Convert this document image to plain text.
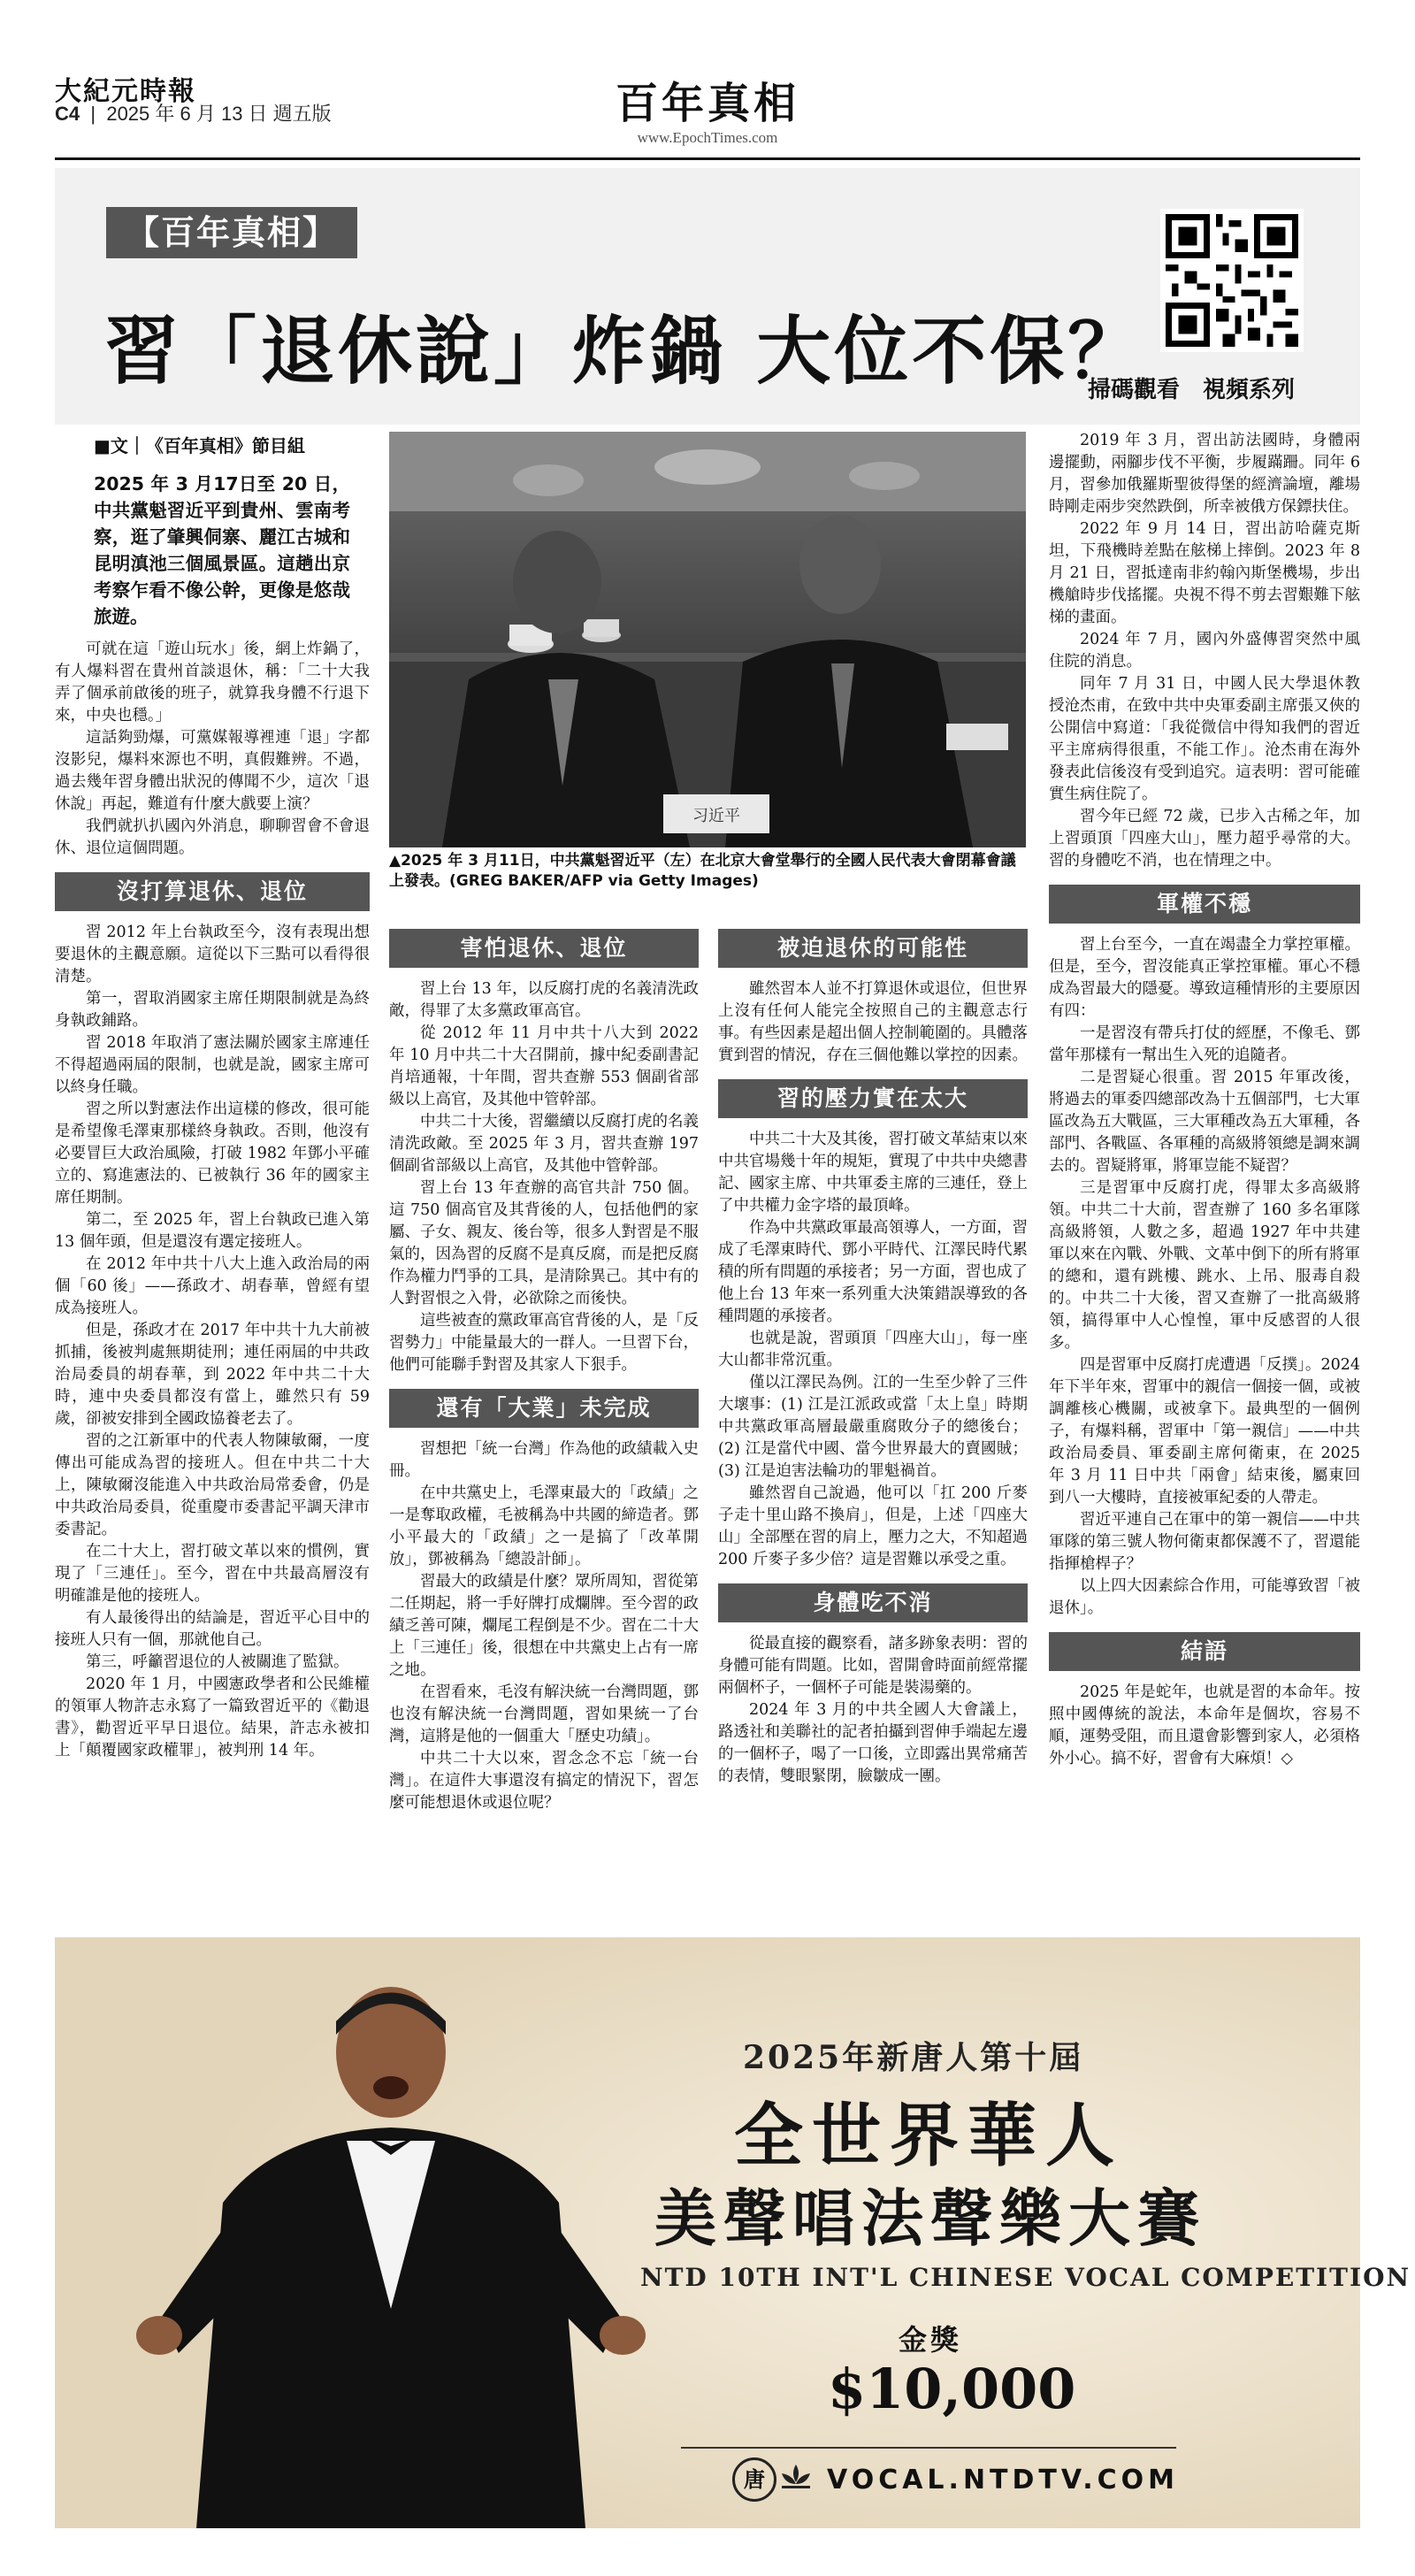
大紀元時報
C4  |  2025 年 6 月 13 日 週五版	百年真相
www.EpochTimes.com
【百年真相】
習「退休說」炸鍋 大位不保？
掃碼觀看　視頻系列
■文｜《百年真相》節目組
2025 年 3 月17日至 20 日，中共黨魁習近平到貴州、雲南考察，逛了肇興侗寨、麗江古城和昆明滇池三個風景區。這趟出京考察乍看不像公幹，更像是悠哉旅遊。
习近平
▲2025 年 3 月11日，中共黨魁習近平（左）在北京大會堂舉行的全國人民代表大會閉幕會議上發表。(GREG BAKER/AFP via Getty Images)

可就在這「遊山玩水」後，網上炸鍋了，有人爆料習在貴州首談退休，稱：「二十大我弄了個承前啟後的班子，就算我身體不行退下來，中央也穩。」

這話夠勁爆，可黨媒報導裡連「退」字都沒影兒，爆料來源也不明，真假難辨。不過，過去幾年習身體出狀況的傳聞不少，這次「退休說」再起，難道有什麼大戲要上演？

我們就扒扒國內外消息，聊聊習會不會退休、退位這個問題。

沒打算退休、退位

習 2012 年上台執政至今，沒有表現出想要退休的主觀意願。這從以下三點可以看得很清楚。

第一，習取消國家主席任期限制就是為終身執政鋪路。

習 2018 年取消了憲法關於國家主席連任不得超過兩屆的限制，也就是說，國家主席可以終身任職。

習之所以對憲法作出這樣的修改，很可能是希望像毛澤東那樣終身執政。否則，他沒有必要冒巨大政治風險，打破 1982 年鄧小平確立的、寫進憲法的、已被執行 36 年的國家主席任期制。

第二，至 2025 年，習上台執政已進入第 13 個年頭，但是還沒有選定接班人。

在 2012 年中共十八大上進入政治局的兩個「60 後」——孫政才、胡春華，曾經有望成為接班人。

但是，孫政才在 2017 年中共十九大前被抓捕，後被判處無期徒刑；連任兩屆的中共政治局委員的胡春華，到 2022 年中共二十大時，連中央委員都沒有當上，雖然只有 59 歲，卻被安排到全國政協養老去了。

習的之江新軍中的代表人物陳敏爾，一度傳出可能成為習的接班人。但在中共二十大上，陳敏爾沒能進入中共政治局常委會，仍是中共政治局委員，從重慶市委書記平調天津市委書記。

在二十大上，習打破文革以來的慣例，實現了「三連任」。至今，習在中共最高層沒有明確誰是他的接班人。

有人最後得出的結論是，習近平心目中的接班人只有一個，那就他自己。

第三，呼籲習退位的人被關進了監獄。

2020 年 1 月，中國憲政學者和公民維權的領軍人物許志永寫了一篇致習近平的《勸退書》，勸習近平早日退位。結果，許志永被扣上「顛覆國家政權罪」，被判刑 14 年。

害怕退休、退位

習上台 13 年，以反腐打虎的名義清洗政敵，得罪了太多黨政軍高官。

從 2012 年 11 月中共十八大到 2022 年 10 月中共二十大召開前，據中紀委副書記肖培通報，十年間，習共查辦 553 個副省部級以上高官，及其他中管幹部。

中共二十大後，習繼續以反腐打虎的名義清洗政敵。至 2025 年 3 月，習共查辦 197 個副省部級以上高官，及其他中管幹部。

習上台 13 年查辦的高官共計 750 個。這 750 個高官及其背後的人，包括他們的家屬、子女、親友、後台等，很多人對習是不服氣的，因為習的反腐不是真反腐，而是把反腐作為權力鬥爭的工具，是清除異己。其中有的人對習恨之入骨，必欲除之而後快。

這些被查的黨政軍高官背後的人，是「反習勢力」中能量最大的一群人。一旦習下台，他們可能聯手對習及其家人下狠手。

還有「大業」未完成

習想把「統一台灣」作為他的政績載入史冊。

在中共黨史上，毛澤東最大的「政績」之一是奪取政權，毛被稱為中共國的締造者。鄧小平最大的「政績」之一是搞了「改革開放」，鄧被稱為「總設計師」。

習最大的政績是什麼？眾所周知，習從第二任期起，將一手好牌打成爛牌。至今習的政績乏善可陳，爛尾工程倒是不少。習在二十大上「三連任」後，很想在中共黨史上占有一席之地。

在習看來，毛沒有解決統一台灣問題，鄧也沒有解決統一台灣問題，習如果統一了台灣，這將是他的一個重大「歷史功績」。

中共二十大以來，習念念不忘「統一台灣」。在這件大事還沒有搞定的情況下，習怎麼可能想退休或退位呢？

被迫退休的可能性

雖然習本人並不打算退休或退位，但世界上沒有任何人能完全按照自己的主觀意志行事。有些因素是超出個人控制範圍的。具體落實到習的情況，存在三個他難以掌控的因素。

習的壓力實在太大

中共二十大及其後，習打破文革結束以來中共官場幾十年的規矩，實現了中共中央總書記、國家主席、中共軍委主席的三連任，登上了中共權力金字塔的最頂峰。

作為中共黨政軍最高領導人，一方面，習成了毛澤東時代、鄧小平時代、江澤民時代累積的所有問題的承接者；另一方面，習也成了他上台 13 年來一系列重大決策錯誤導致的各種問題的承接者。

也就是說，習頭頂「四座大山」，每一座大山都非常沉重。

僅以江澤民為例。江的一生至少幹了三件大壞事：(1) 江是江派政或當「太上皇」時期中共黨政軍高層最嚴重腐敗分子的總後台；(2) 江是當代中國、當今世界最大的賣國賊；(3) 江是迫害法輪功的罪魁禍首。

雖然習自己說過，他可以「扛 200 斤麥子走十里山路不換肩」，但是，上述「四座大山」全部壓在習的肩上，壓力之大，不知超過 200 斤麥子多少倍？這是習難以承受之重。

身體吃不消

從最直接的觀察看，諸多跡象表明：習的身體可能有問題。比如，習開會時面前經常擺兩個杯子，一個杯子可能是裝湯藥的。

2024 年 3 月的中共全國人大會議上，路透社和美聯社的記者拍攝到習伸手端起左邊的一個杯子，喝了一口後，立即露出異常痛苦的表情，雙眼緊閉，臉皺成一團。

2019 年 3 月，習出訪法國時，身體兩邊擺動，兩腳步伐不平衡，步履蹣跚。同年 6 月，習參加俄羅斯聖彼得堡的經濟論壇，離場時剛走兩步突然跌倒，所幸被俄方保鏢扶住。

2022 年 9 月 14 日，習出訪哈薩克斯坦，下飛機時差點在舷梯上摔倒。2023 年 8 月 21 日，習抵達南非約翰內斯堡機場，步出機艙時步伐搖擺。央視不得不剪去習艱難下舷梯的畫面。

2024 年 7 月，國內外盛傳習突然中風住院的消息。

同年 7 月 31 日，中國人民大學退休教授沧杰甫，在致中共中央軍委副主席張又俠的公開信中寫道：「我從微信中得知我們的習近平主席病得很重，不能工作」。沧杰甫在海外發表此信後沒有受到追究。這表明：習可能確實生病住院了。

習今年已經 72 歲，已步入古稀之年，加上習頭頂「四座大山」，壓力超乎尋常的大。習的身體吃不消，也在情理之中。

軍權不穩

習上台至今，一直在竭盡全力掌控軍權。但是，至今，習沒能真正掌控軍權。軍心不穩成為習最大的隱憂。導致這種情形的主要原因有四：

一是習沒有帶兵打仗的經歷，不像毛、鄧當年那樣有一幫出生入死的追隨者。

二是習疑心很重。習 2015 年軍改後，將過去的軍委四總部改為十五個部門，七大軍區改為五大戰區，三大軍種改為五大軍種，各部門、各戰區、各軍種的高級將領總是調來調去的。習疑將軍，將軍豈能不疑習？

三是習軍中反腐打虎，得罪太多高級將領。中共二十大前，習查辦了 160 多名軍隊高級將領，人數之多，超過 1927 年中共建軍以來在內戰、外戰、文革中倒下的所有將軍的總和，還有跳樓、跳水、上吊、服毒自殺的。中共二十大後，習又查辦了一批高級將領，搞得軍中人心惶惶，軍中反感習的人很多。

四是習軍中反腐打虎遭遇「反撲」。2024 年下半年來，習軍中的親信一個接一個，或被調離核心機關，或被拿下。最典型的一個例子，有爆料稱，習軍中「第一親信」——中共政治局委員、軍委副主席何衛東，在 2025 年 3 月 11 日中共「兩會」結束後，屬東回到八一大樓時，直接被軍紀委的人帶走。

習近平連自己在軍中的第一親信——中共軍隊的第三號人物何衛東都保護不了，習還能指揮槍桿子？

以上四大因素綜合作用，可能導致習「被退休」。

結語

2025 年是蛇年，也就是習的本命年。按照中國傳統的說法，本命年是個坎，容易不順，運勢受阻，而且還會影響到家人，必須格外小心。搞不好，習會有大麻煩！◇

2025年新唐人第十屆
全世界華人
美聲唱法聲樂大賽
NTD 10TH INT'L CHINESE VOCAL COMPETITION
金獎
$10,000
唐	VOCAL.NTDTV.COM
